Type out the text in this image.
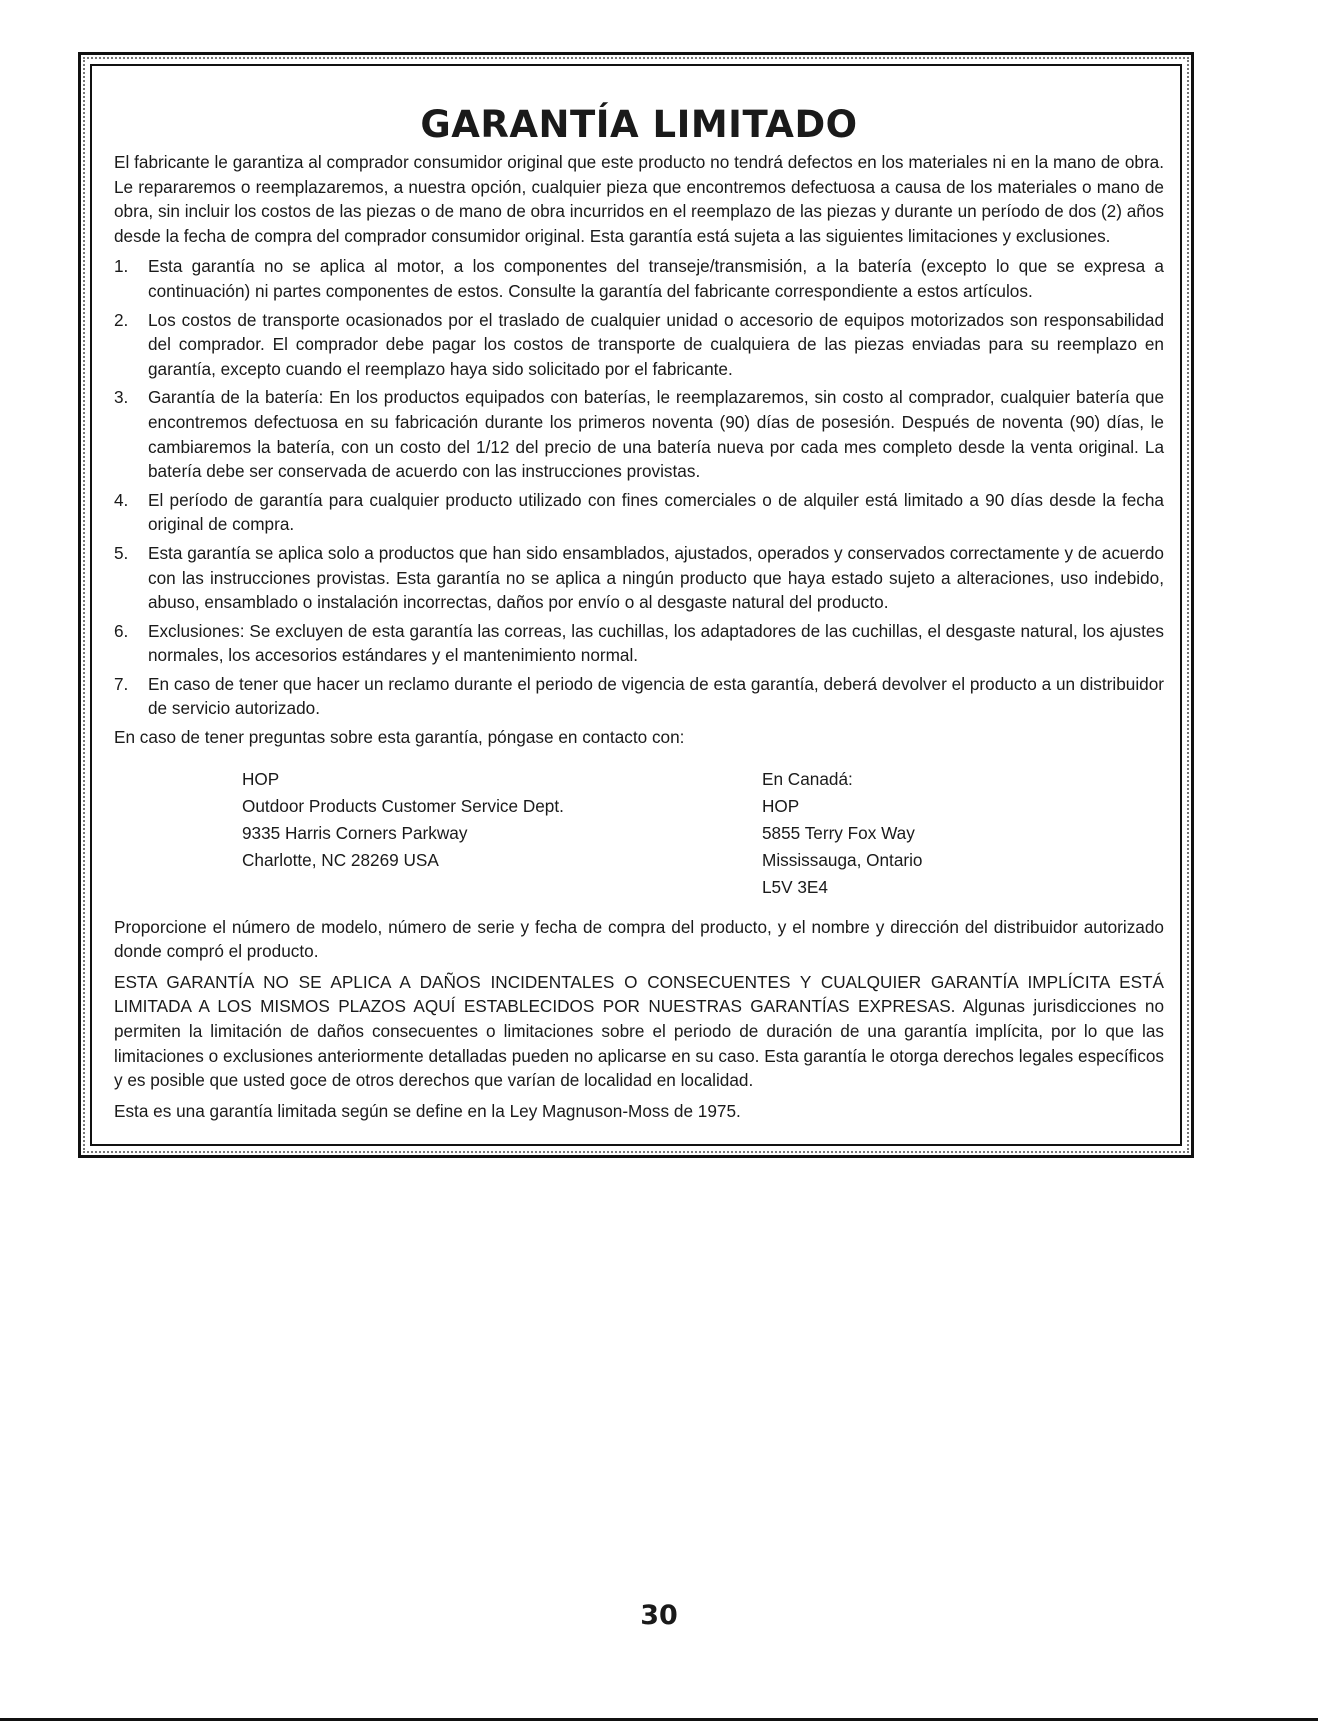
GARANTÍA LIMITADO

El fabricante le garantiza al comprador consumidor original que este producto no tendrá defectos en los materiales ni en la mano de obra. Le repararemos o reemplazaremos, a nuestra opción, cualquier pieza que encontremos defectuosa a causa de los materiales o mano de obra, sin incluir los costos de las piezas o de mano de obra incurridos en el reemplazo de las piezas y durante un período de dos (2) años desde la fecha de compra del comprador consumidor original. Esta garantía está sujeta a las siguientes limitaciones y exclusiones.

1.	Esta garantía no se aplica al motor, a los componentes del transeje/transmisión, a la batería (excepto lo que se expresa a continuación) ni partes componentes de estos. Consulte la garantía del fabricante correspondiente a estos artículos.
2.	Los costos de transporte ocasionados por el traslado de cualquier unidad o accesorio de equipos motorizados son responsabilidad del comprador. El comprador debe pagar los costos de transporte de cualquiera de las piezas enviadas para su reemplazo en garantía, excepto cuando el reemplazo haya sido solicitado por el fabricante.
3.	Garantía de la batería: En los productos equipados con baterías, le reemplazaremos, sin costo al comprador, cualquier batería que encontremos defectuosa en su fabricación durante los primeros noventa (90) días de posesión. Después de noventa (90) días, le cambiaremos la batería, con un costo del 1/12 del precio de una batería nueva por cada mes completo desde la venta original. La batería debe ser conservada de acuerdo con las instrucciones provistas.
4.	El período de garantía para cualquier producto utilizado con fines comerciales o de alquiler está limitado a 90 días desde la fecha original de compra.
5.	Esta garantía se aplica solo a productos que han sido ensamblados, ajustados, operados y conservados correctamente y de acuerdo con las instrucciones provistas. Esta garantía no se aplica a ningún producto que haya estado sujeto a alteraciones, uso indebido, abuso, ensamblado o instalación incorrectas, daños por envío o al desgaste natural del producto.
6.	Exclusiones: Se excluyen de esta garantía las correas, las cuchillas, los adaptadores de las cuchillas, el desgaste natural, los ajustes normales, los accesorios estándares y el mantenimiento normal.
7.	En caso de tener que hacer un reclamo durante el periodo de vigencia de esta garantía, deberá devolver el producto a un distribuidor de servicio autorizado.

En caso de tener preguntas sobre esta garantía, póngase en contacto con:

HOP
Outdoor Products Customer Service Dept.
9335 Harris Corners Parkway
Charlotte, NC 28269 USA
En Canadá:
HOP
5855 Terry Fox Way
Mississauga, Ontario
L5V 3E4

Proporcione el número de modelo, número de serie y fecha de compra del producto, y el nombre y dirección del distribuidor autorizado donde compró el producto.

ESTA GARANTÍA NO SE APLICA A DAÑOS INCIDENTALES O CONSECUENTES Y CUALQUIER GARANTÍA IMPLÍCITA ESTÁ LIMITADA A LOS MISMOS PLAZOS AQUÍ ESTABLECIDOS POR NUESTRAS GARANTÍAS EXPRESAS. Algunas jurisdicciones no permiten la limitación de daños consecuentes o limitaciones sobre el periodo de duración de una garantía implícita, por lo que las limitaciones o exclusiones anteriormente detalladas pueden no aplicarse en su caso. Esta garantía le otorga derechos legales específicos y es posible que usted goce de otros derechos que varían de localidad en localidad.

Esta es una garantía limitada según se define en la Ley Magnuson-Moss de 1975.

30
